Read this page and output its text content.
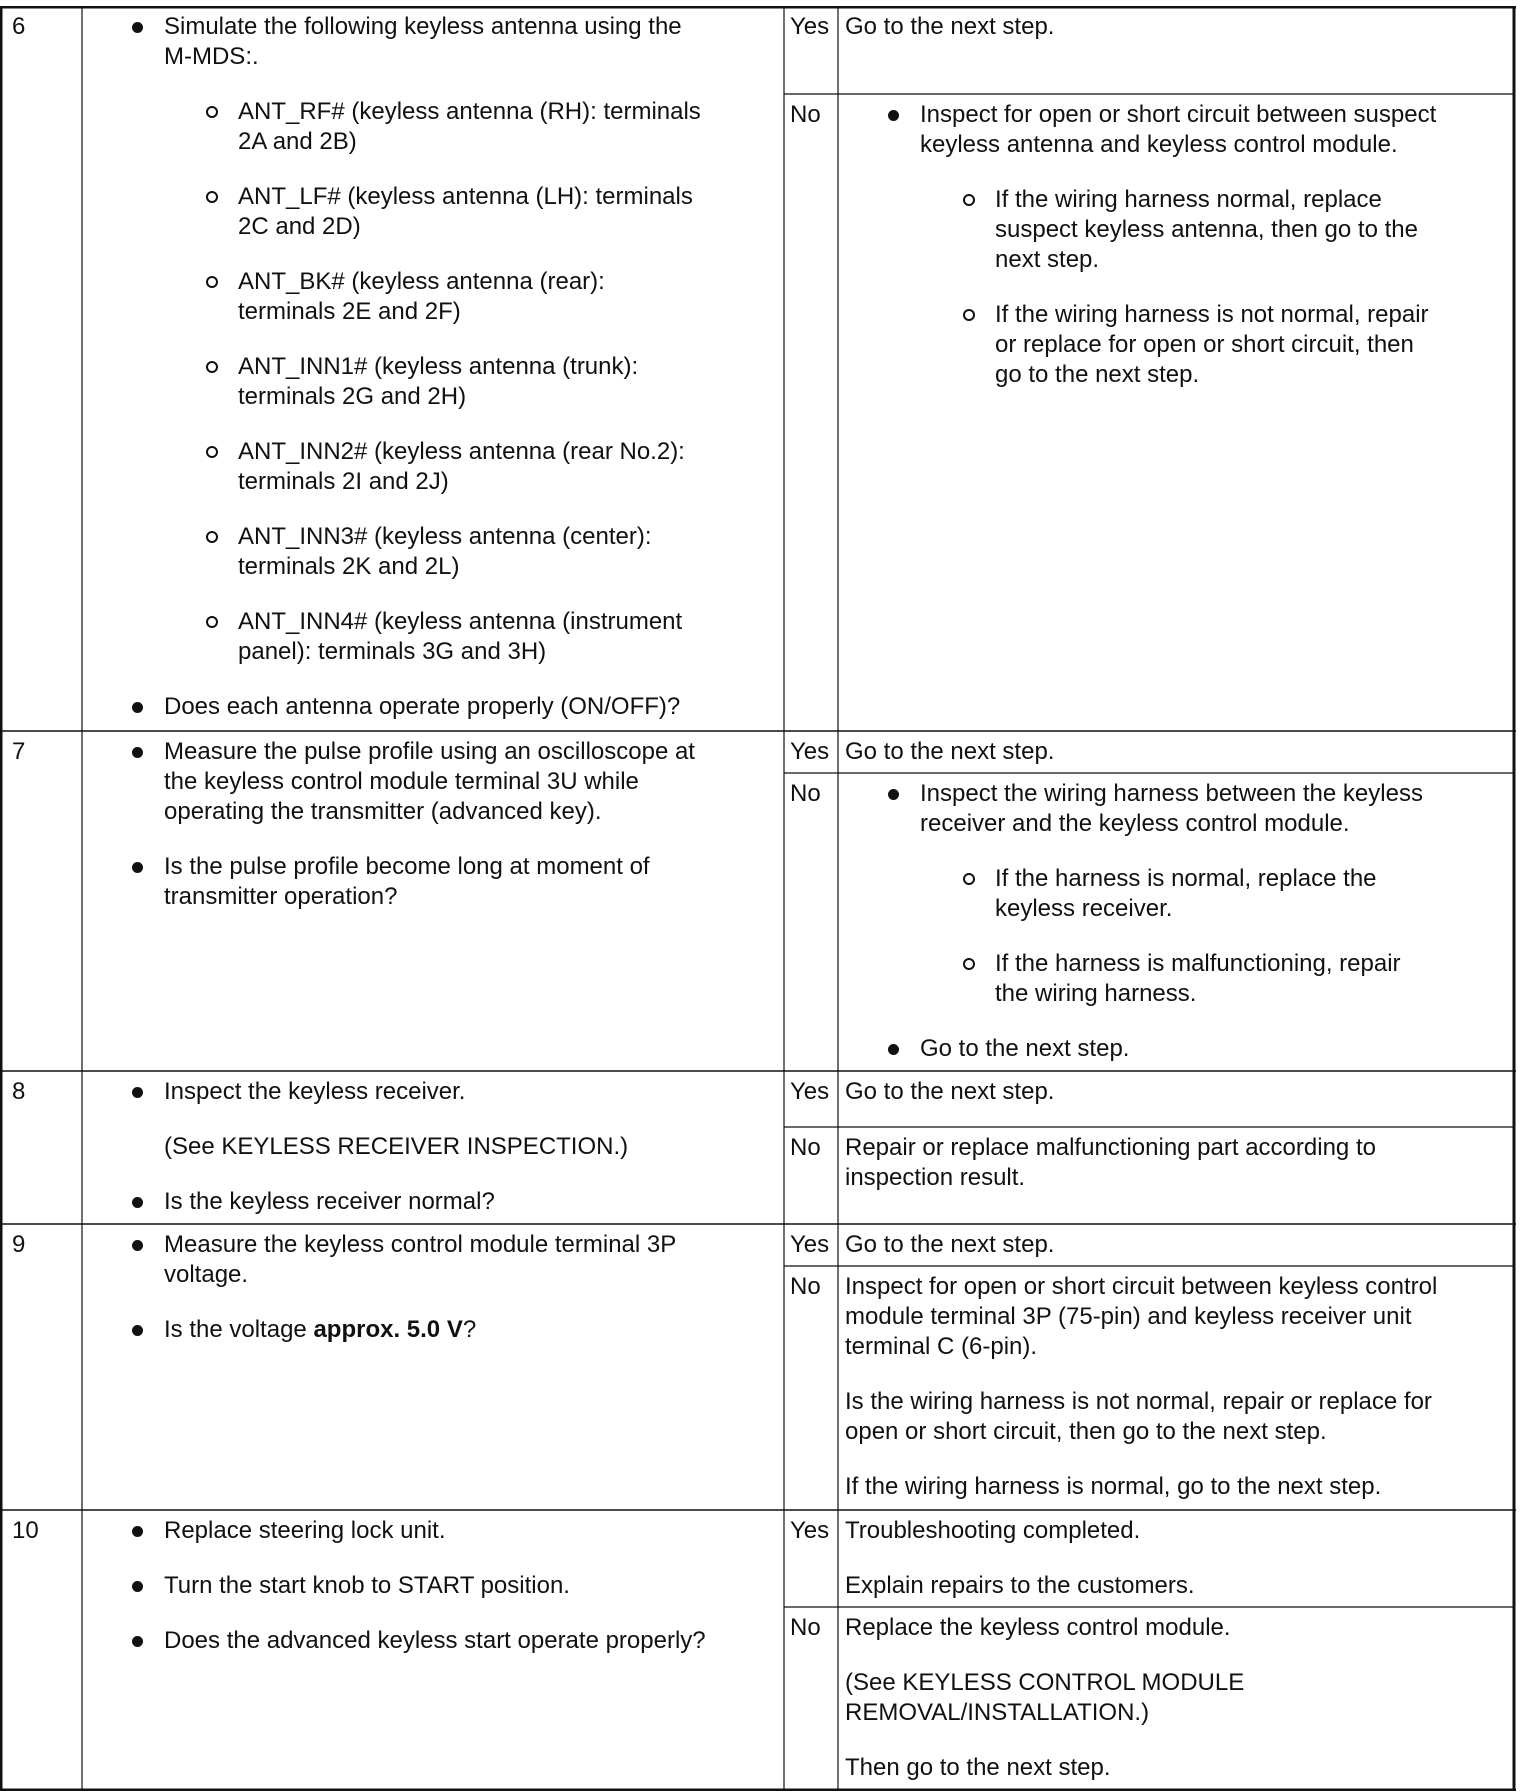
6	Simulate the following keyless antenna using the
M-MDS:.
ANT_RF# (keyless antenna (RH): terminals
2A and 2B)
ANT_LF# (keyless antenna (LH): terminals
2C and 2D)
ANT_BK# (keyless antenna (rear):
terminals 2E and 2F)
ANT_INN1# (keyless antenna (trunk):
terminals 2G and 2H)
ANT_INN2# (keyless antenna (rear No.2):
terminals 2I and 2J)
ANT_INN3# (keyless antenna (center):
terminals 2K and 2L)
ANT_INN4# (keyless antenna (instrument
panel): terminals 3G and 3H)
Does each antenna operate properly (ON/OFF)?
Yes Go to the next step.
No	Inspect for open or short circuit between suspect
keyless antenna and keyless control module.
If the wiring harness normal, replace
suspect keyless antenna, then go to the
next step.
If the wiring harness is not normal, repair
or replace for open or short circuit, then
go to the next step.
7	Measure the pulse profile using an oscilloscope at
the keyless control module terminal 3U while
operating the transmitter (advanced key).
Is the pulse profile become long at moment of
transmitter operation?
Yes Go to the next step.
No	Inspect the wiring harness between the keyless
receiver and the keyless control module.
If the harness is normal, replace the
keyless receiver.
If the harness is malfunctioning, repair
the wiring harness.
Go to the next step.
8	Inspect the keyless receiver.
(See KEYLESS RECEIVER INSPECTION.)
Is the keyless receiver normal?
Yes Go to the next step.
No Repair or replace malfunctioning part according to
inspection result.
9	Measure the keyless control module terminal 3P
voltage.
Is the voltage approx. 5.0 V?
Yes Go to the next step.
No Inspect for open or short circuit between keyless control
module terminal 3P (75-pin) and keyless receiver unit
terminal C (6-pin).
Is the wiring harness is not normal, repair or replace for
open or short circuit, then go to the next step.
If the wiring harness is normal, go to the next step.
10	Replace steering lock unit.
Turn the start knob to START position.
Does the advanced keyless start operate properly?
Yes Troubleshooting completed.
Explain repairs to the customers.
No Replace the keyless control module.
(See KEYLESS CONTROL MODULE
REMOVAL/INSTALLATION.)
Then go to the next step.
